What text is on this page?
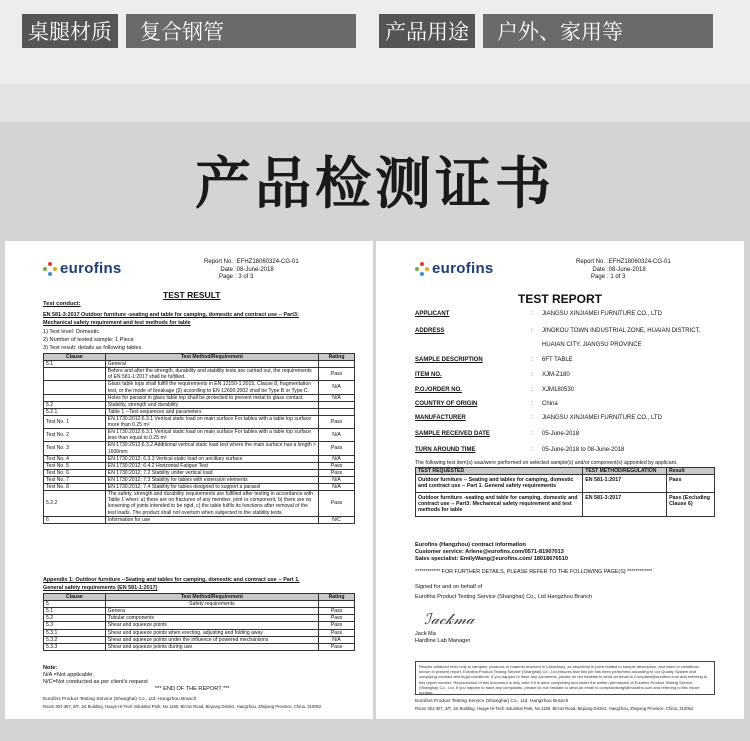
桌腿材质	复合钢管	产品用途	户外、家用等
产品检测证书
eurofins	Report No. :EFHZ18060324-CG-01
Date :08-June-2018
Page : 3 of 3
TEST RESULT
Test conduct:
EN 581-3:2017 Outdoor furniture -seating and table for camping, domestic and contract use -- Part3:
Mechanical safety requirement and test methods for table
1) Test level: Domestic
2) Number of tested sample: 1 Piece
3) Test result: details as following tables
Clause	Test Method/Requirement	Rating
5.1	General	
	Before and after the strength, durability and stability tests are carried out, the requirements of EN 581-1:2017 shall be fulfilled.	Pass
	Glass table tops shall fulfill the requirements in EN 12150-1:2015, Clause 8, fragmentation test, or the mode of breakage (β) according to EN 12600:2002 shall be Type B or Type C.	N/A
	Holes for parasol in glass table top shall be protected to prevent metal to glass contact.	N/A
5.2	Stability, strength and durability	
5.2.1	Table 1 --Test sequences and parameters	
Test No. 1	EN 1730:2012;6.3.1 Vertical static load on main surface For tables with a table top surface more than 0.25 m²	Pass
Test No. 2	EN 1730:2012;6.3.1 Vertical static load on main surface For tables with a table top surface less than equal to 0.25 m²	N/A
Test No. 3	EN 1730:2012;6.3.2 Additional vertical static load test where the main surface has a length > 1600mm	Pass
Test No. 4	EN 1730:2012; 6.3.3 Vertical static load on ancillary surface	N/A
Test No. 5	EN 1730:2012; 6.4.2 Horizontal Fatigue Test	Pass
Test No. 6	EN 1730:2012; 7.2 Stability under vertical load	Pass
Test No. 7	EN 1730:2012; 7.3 Stability for tables with extension elements	N/A
Test No. 8	EN 1730:2012; 7.4 Stability for tables designed to support a parasol	N/A
5.2.2	The safety, strength and durability requirements are fulfilled after testing in accordance with Table 1 when: a) there are no fractures of any member, joint or component, b) there are no loosening of joints intended to be rigid, c) the table fulfils its functions after removal of the test loads. The product shall not overturn when subjected to the stability tests.	Pass
6	Information for use	N/C
Appendix 1: Outdoor furniture --Seating and tables for camping, domestic and contract use -- Part 1.
General safety requirements (EN 581-1:2017)
Clause	Test Method/Requirement	Rating
5	Safety requirements	
5.1	Genera	Pass
5.2	Tubular components	Pass
5.3	Shear and squeeze points	Pass
5.3.1	Shear and squeeze points when erecting, adjusting and folding away	Pass
5.3.2	Shear and squeeze points under the influence of powered mechanisms	N/A
5.3.3	Shear and squeeze points during use	Pass
Note:
N/A =Not applicable;
N/C=Not conducted as per client's request
*** END OF THE REPORT ***
Eurofins Product Testing Service (Shanghai) Co., Ltd. Hangzhou Branch
Room 301-307, 3/F, 1st Building, Huaye Hi-Tech Industrial Park, No.1180, Bin'an Road, Binjiang District, Hangzhou, Zhejiang Province, China, 310052
eurofins	Report No. :EFHZ18060324-CG-01
Date :08-June-2018
Page : 1 of 3
TEST REPORT
APPLICANT	: JIANGSU XINJIAMEI FURNITURE CO., LTD
ADDRESS	: JINGKOU TOWN INDUSTRIAL ZONE, HUAIAN DISTRICT,
HUAIAN CITY, JIANGSU PROVINCE
SAMPLE DESCRIPTION	: 6FT TABLE
ITEM NO.	: XJM-Z180
P.O./ORDER NO.	: XJM180530
COUNTRY OF ORIGIN	: China
MANUFACTURER	: JIANGSU XINJIAMEI FURNITURE CO., LTD
SAMPLE RECEIVED DATE	: 05-June-2018
TURN AROUND TIME	: 05-June-2018 to 08-June-2018
The following test item(s) was/were performed on selected sample(s) and/or component(s) appointed by applicant.
TEST REQUESTED	TEST METHOD/REGULATION	Result
Outdoor furniture -- Seating and tables for camping, domestic and contract use -- Part 1. General safety requirements	EN 581-1:2017	Pass
Outdoor furniture -seating and table for camping, domestic and contract use -- Part3: Mechanical safety requirement and test methods for table	EN 581-3:2017	Pass (Excluding Clause 6)
Eurofins (Hangzhou) contract information
Customer service: Arlene@eurofins.com/0571-81907013
Sales specialist: EmilyWang@eurofins.com/ 18018676510
************ FOR FURTHER DETAILS, PLEASE REFER TO THE FOLLOWING PAGE(S) ************
Signed for and on behalf of
Eurofins Product Testing Service (Shanghai) Co., Ltd Hangzhou Branch
ℐ𝒶𝒸𝓀𝓂𝒶
Jack Ma
Hardline Lab Manager
Results obtained refer only to samples, products or material received in Laboratory, as described in point related to sample description, and listed in conditions shown in present report. Eurofins Product Testing Service (Shanghai) Co., Ltd ensures that this job has been performed according to our Quality System and complying contract and legal conditions. If you happen to have any comments, please do not hesitate to send an email to Complaint@eurofins.com and referring to this report number. Reproduction of this document is only valid if it is done completely and under the written permission of Eurofins Product Testing Service (Shanghai) Co., Ltd. If you happen to have any complaints, please do not hesitate to send an email to complaintsmgt@eurofins.com and referring to this report number.
Eurofins Product Testing Service (Shanghai) Co., Ltd. Hangzhou Branch
Room 301-307, 3/F, 1st Building, Huaye Hi-Tech Industrial Park, No.1180, Bin'an Road, Binjiang District, Hangzhou, Zhejiang Province, China, 310052
